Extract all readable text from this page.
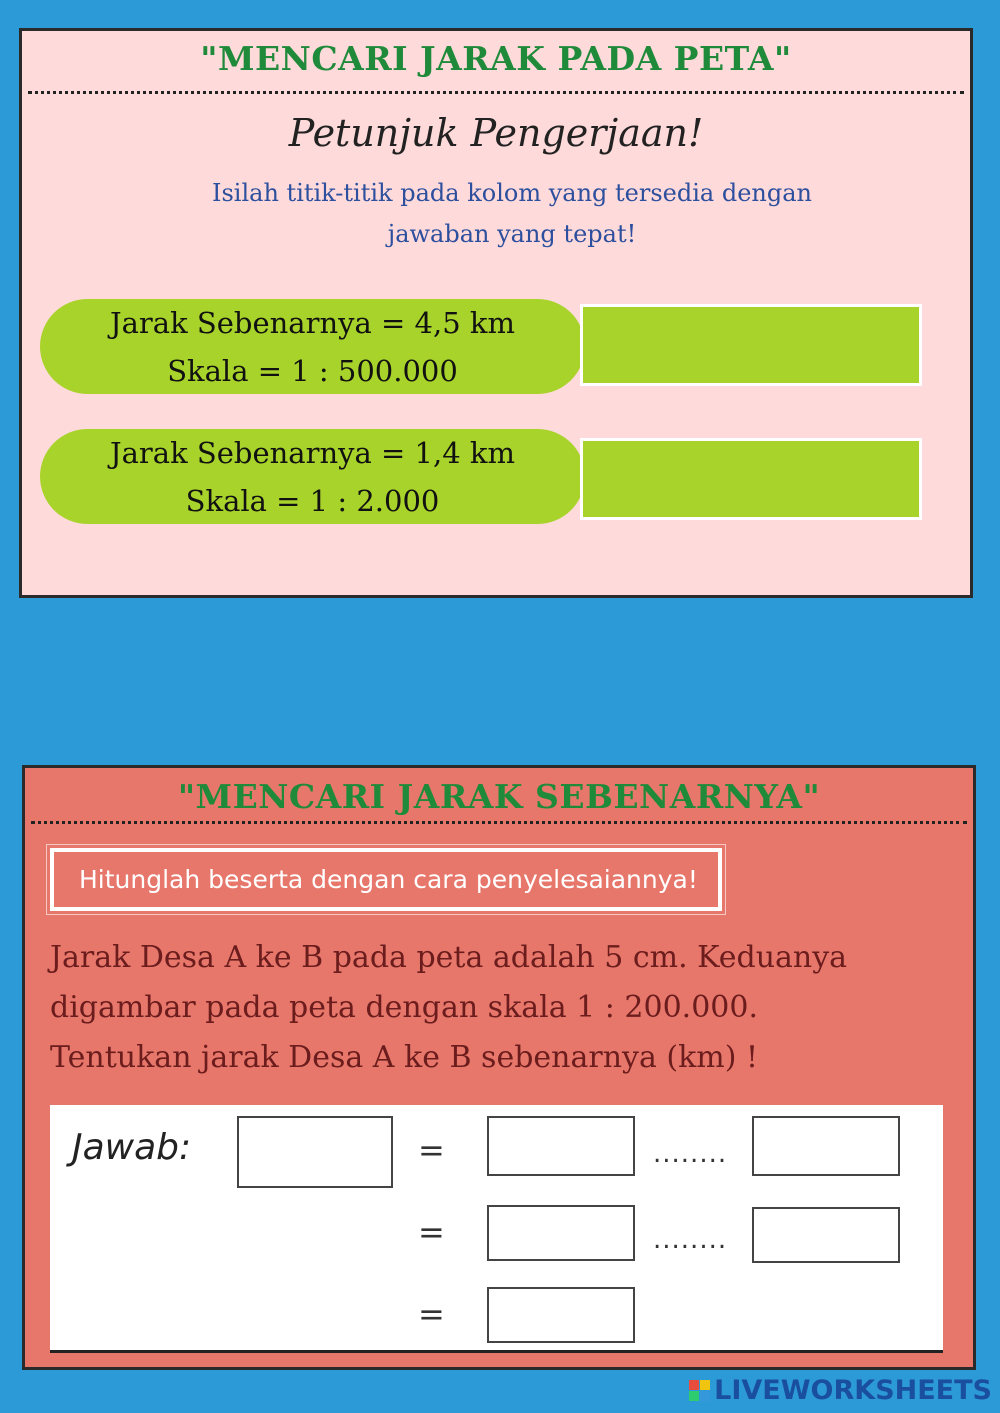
"MENCARI JARAK PADA PETA"
Petunjuk Pengerjaan!
Isilah titik-titik pada kolom yang tersedia dengan
jawaban yang tepat!
Jarak Sebenarnya = 4,5 km
Skala = 1 : 500.000
Jarak Sebenarnya = 1,4 km
Skala = 1 : 2.000
"MENCARI JARAK SEBENARNYA"
Hitunglah beserta dengan cara penyelesaiannya!
Jarak Desa A ke B pada peta adalah 5 cm. Keduanya
digambar pada peta dengan skala 1 : 200.000.
Tentukan jarak Desa A ke B sebenarnya (km) !
Jawab:	=	........
=	........
=
LIVEWORKSHEETS
